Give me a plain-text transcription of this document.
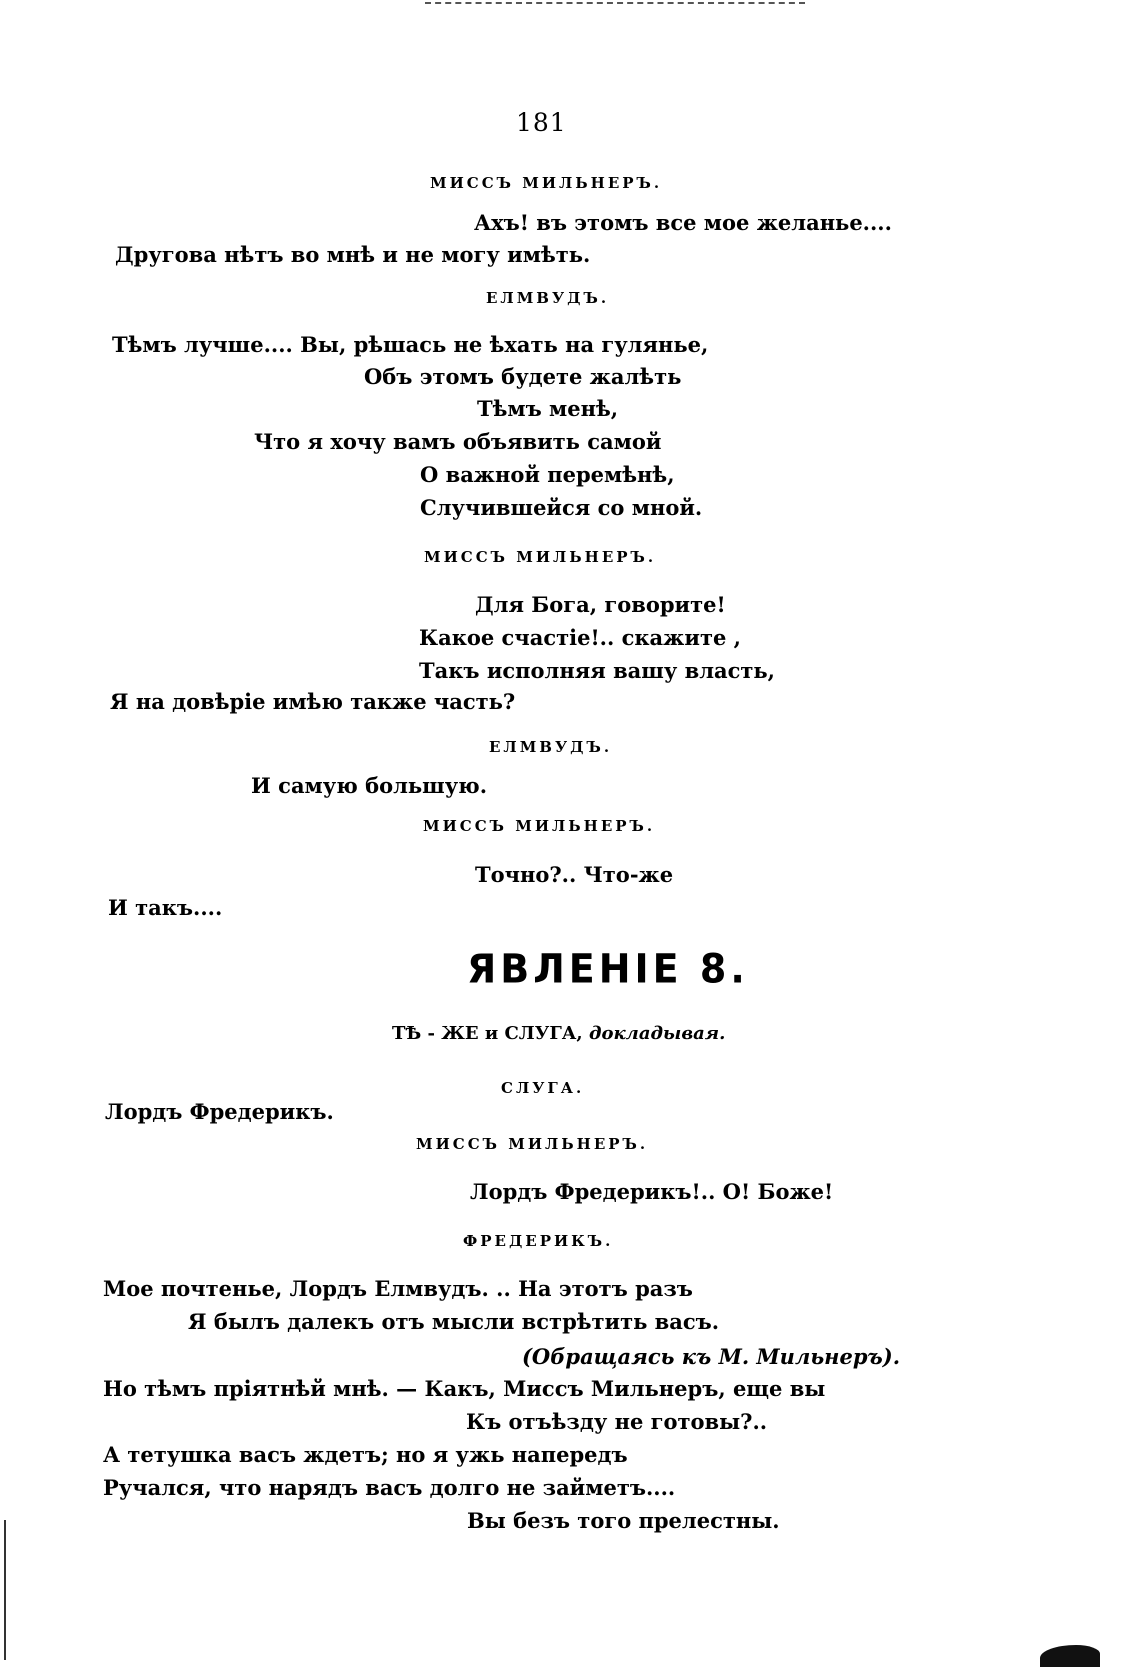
181
МИССЪ МИЛЬНЕРЪ.
Ахъ! въ этомъ все мое желанье....
Другова нѣтъ во мнѣ и не могу имѣть.
ЕЛМВУДЪ.
Тѣмъ лучше.... Вы, рѣшась не ѣхать на гулянье,
Объ этомъ будете жалѣть
Тѣмъ менѣ,
Что я хочу вамъ объявить самой
О важной перемѣнѣ,
Случившейся со мной.
МИССЪ МИЛЬНЕРЪ.
Для Бога, говорите!
Какое счастіе!.. скажите ,
Такъ исполняя вашу власть,
Я на довѣріе имѣю также часть?
ЕЛМВУДЪ.
И самую большую.
МИССЪ МИЛЬНЕРЪ.
Точно?.. Что-же
И такъ....
ЯВЛЕНІЕ 8.
ТѢ - ЖЕ и СЛУГА, докладывая.
СЛУГА.
Лордъ Фредерикъ.
МИССЪ МИЛЬНЕРЪ.
Лордъ Фредерикъ!.. О! Боже!
ФРЕДЕРИКЪ.
Мое почтенье, Лордъ Елмвудъ. .. На этотъ разъ
Я былъ далекъ отъ мысли встрѣтить васъ.
(Обращаясь къ М. Мильнеръ).
Но тѣмъ пріятнѣй мнѣ. — Какъ, Миссъ Мильнеръ, еще вы
Къ отъѣзду не готовы?..
А тетушка васъ ждетъ; но я ужь напередъ
Ручался, что нарядъ васъ долго не займетъ....
Вы безъ того прелестны.
